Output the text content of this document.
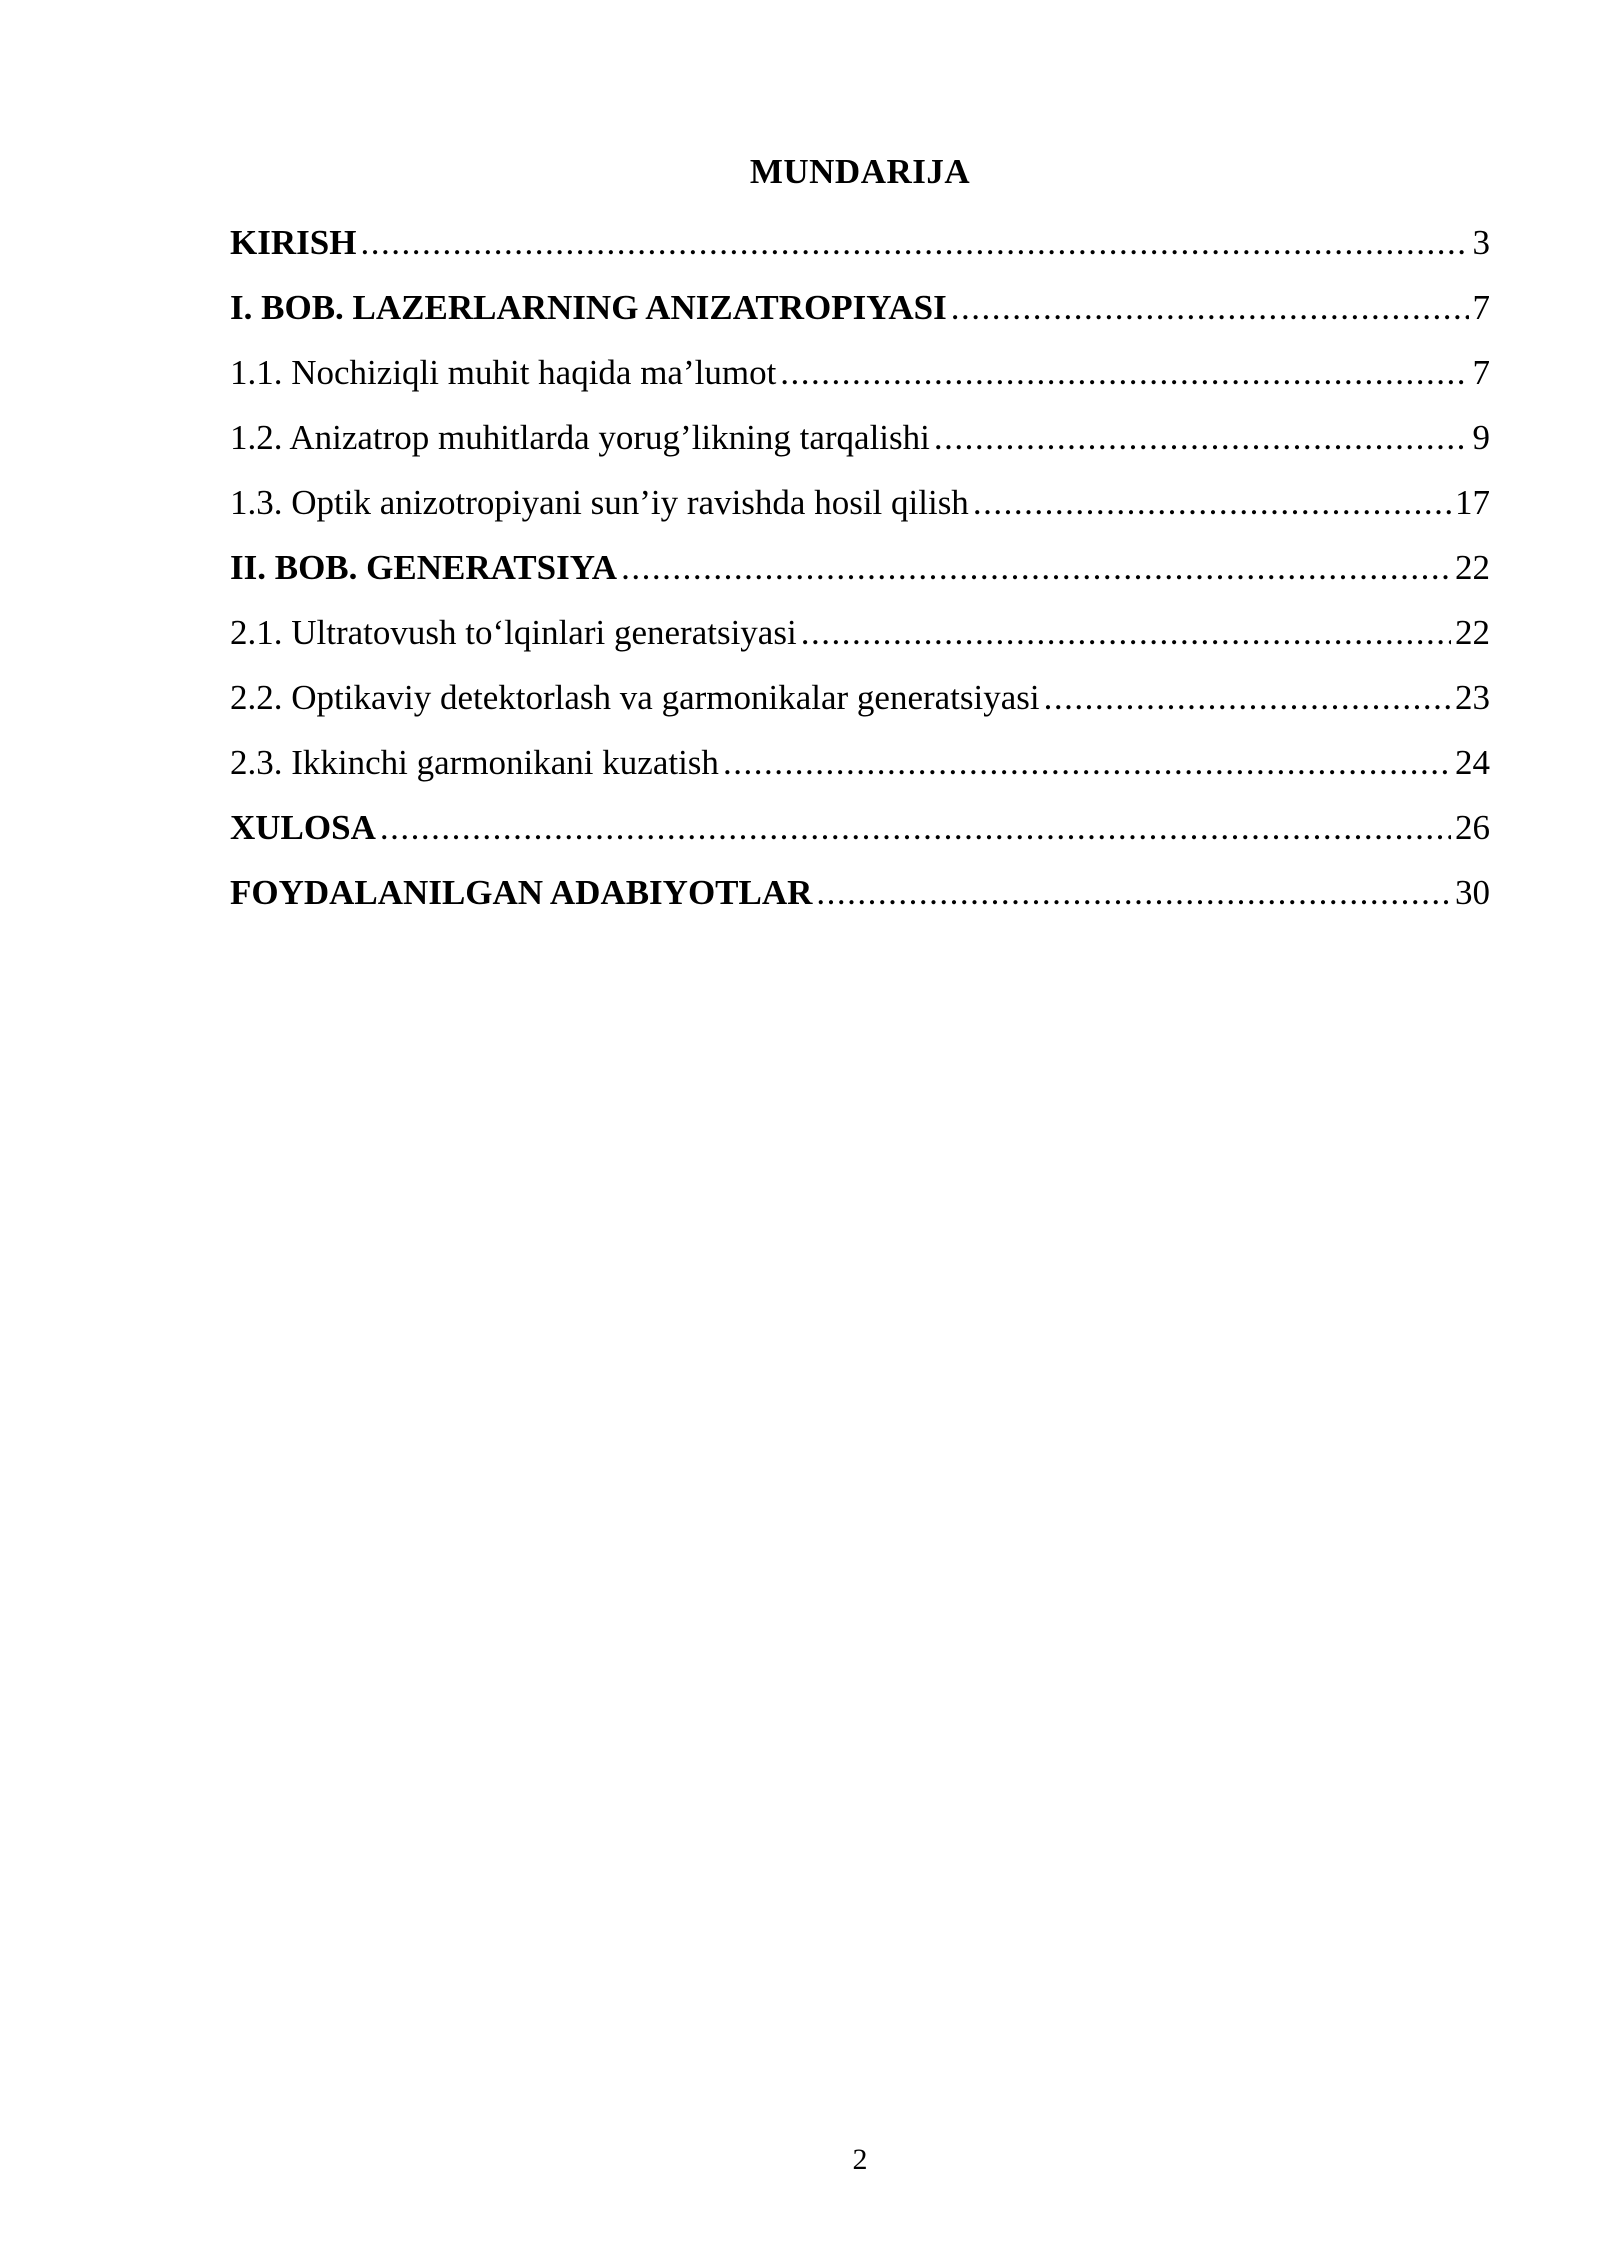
MUNDARIJA
KIRISH .....	3
I. BOB. LAZERLARNING ANIZATROPIYASI .....	7
1.1. Nochiziqli muhit haqida ma’lumot .....	7
1.2. Anizatrop muhitlarda yorug’likning tarqalishi .....	9
1.3. Optik anizotropiyani sun’iy ravishda hosil qilish .....	17
II. BOB. GENERATSIYA .....	22
2.1. Ultratovush to‘lqinlari generatsiyasi .....	22
2.2. Optikaviy detektorlash va garmonikalar generatsiyasi .....	23
2.3. Ikkinchi garmonikani kuzatish .....	24
XULOSA .....	26
FOYDALANILGAN ADABIYOTLAR .....	30
2
